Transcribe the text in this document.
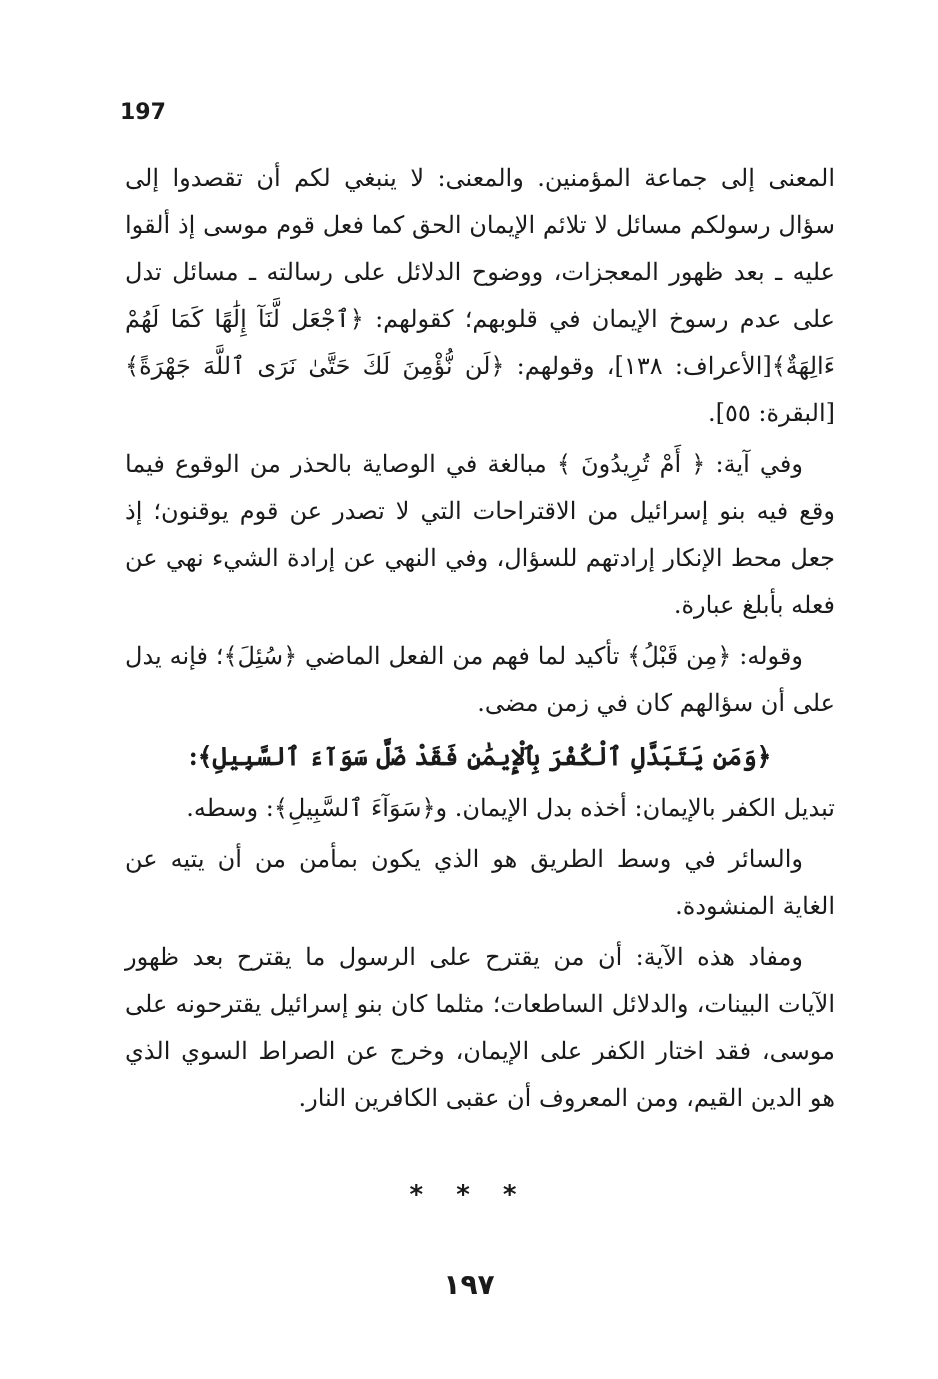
197

المعنى إلى جماعة المؤمنين. والمعنى: لا ينبغي لكم أن تقصدوا إلى سؤال رسولكم مسائل لا تلائم الإيمان الحق كما فعل قوم موسى إذ ألقوا عليه ـ بعد ظهور المعجزات، ووضوح الدلائل على رسالته ـ مسائل تدل على عدم رسوخ الإيمان في قلوبهم؛ كقولهم: ﴿ٱجْعَل لَّنَآ إِلَٰهًا كَمَا لَهُمْ ءَالِهَةٌ﴾[الأعراف: ١٣٨]، وقولهم: ﴿لَن نُّؤْمِنَ لَكَ حَتَّىٰ نَرَى ٱللَّهَ جَهْرَةً﴾[البقرة: ٥٥].

وفي آية: ﴿ أَمْ تُرِيدُونَ ﴾ مبالغة في الوصاية بالحذر من الوقوع فيما وقع فيه بنو إسرائيل من الاقتراحات التي لا تصدر عن قوم يوقنون؛ إذ جعل محط الإنكار إرادتهم للسؤال، وفي النهي عن إرادة الشيء نهي عن فعله بأبلغ عبارة.

وقوله: ﴿مِن قَبْلُ﴾ تأكيد لما فهم من الفعل الماضي ﴿سُئِلَ﴾؛ فإنه يدل على أن سؤالهم كان في زمن مضى.

﴿وَمَن يَتَبَدَّلِ ٱلْكُفْرَ بِٱلْإِيمَٰنِ فَقَدْ ضَلَّ سَوَآءَ ٱلسَّبِيلِ﴾:

تبديل الكفر بالإيمان: أخذه بدل الإيمان. و﴿سَوَآءَ ٱلسَّبِيلِ﴾: وسطه.

والسائر في وسط الطريق هو الذي يكون بمأمن من أن يتيه عن الغاية المنشودة.

ومفاد هذه الآية: أن من يقترح على الرسول ما يقترح بعد ظهور الآيات البينات، والدلائل الساطعات؛ مثلما كان بنو إسرائيل يقترحونه على موسى، فقد اختار الكفر على الإيمان، وخرج عن الصراط السوي الذي هو الدين القيم، ومن المعروف أن عقبى الكافرين النار.

* * *
١٩٧
